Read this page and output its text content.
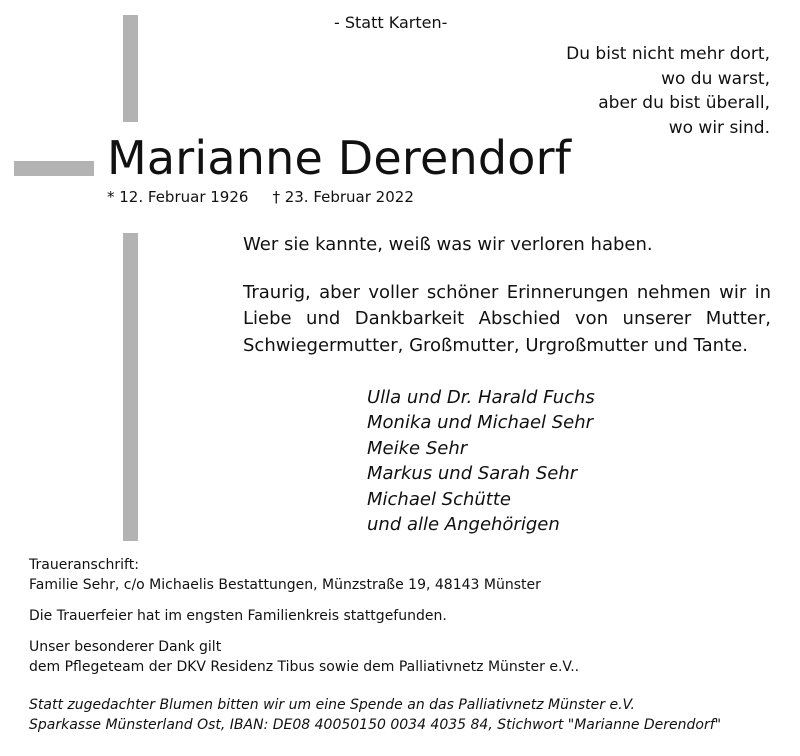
- Statt Karten-
Du bist nicht mehr dort,
wo du warst,
aber du bist überall,
wo wir sind.
Marianne Derendorf
* 12. Februar 1926 † 23. Februar 2022

Wer sie kannte, weiß was wir verloren haben.

Traurig, aber voller schöner Erinnerungen nehmen wir in Liebe und Dankbarkeit Abschied von unserer Mutter, Schwiegermutter, Großmutter, Urgroßmutter und Tante.

Ulla und Dr. Harald Fuchs
Monika und Michael Sehr
Meike Sehr
Markus und Sarah Sehr
Michael Schütte
und alle Angehörigen
Traueranschrift:
Familie Sehr, c/o Michaelis Bestattungen, Münzstraße 19, 48143 Münster
Die Trauerfeier hat im engsten Familienkreis stattgefunden.
Unser besonderer Dank gilt
dem Pflegeteam der DKV Residenz Tibus sowie dem Palliativnetz Münster e.V..
Statt zugedachter Blumen bitten wir um eine Spende an das Palliativnetz Münster e.V.
Sparkasse Münsterland Ost, IBAN: DE08 40050150 0034 4035 84, Stichwort "Marianne Derendorf"
